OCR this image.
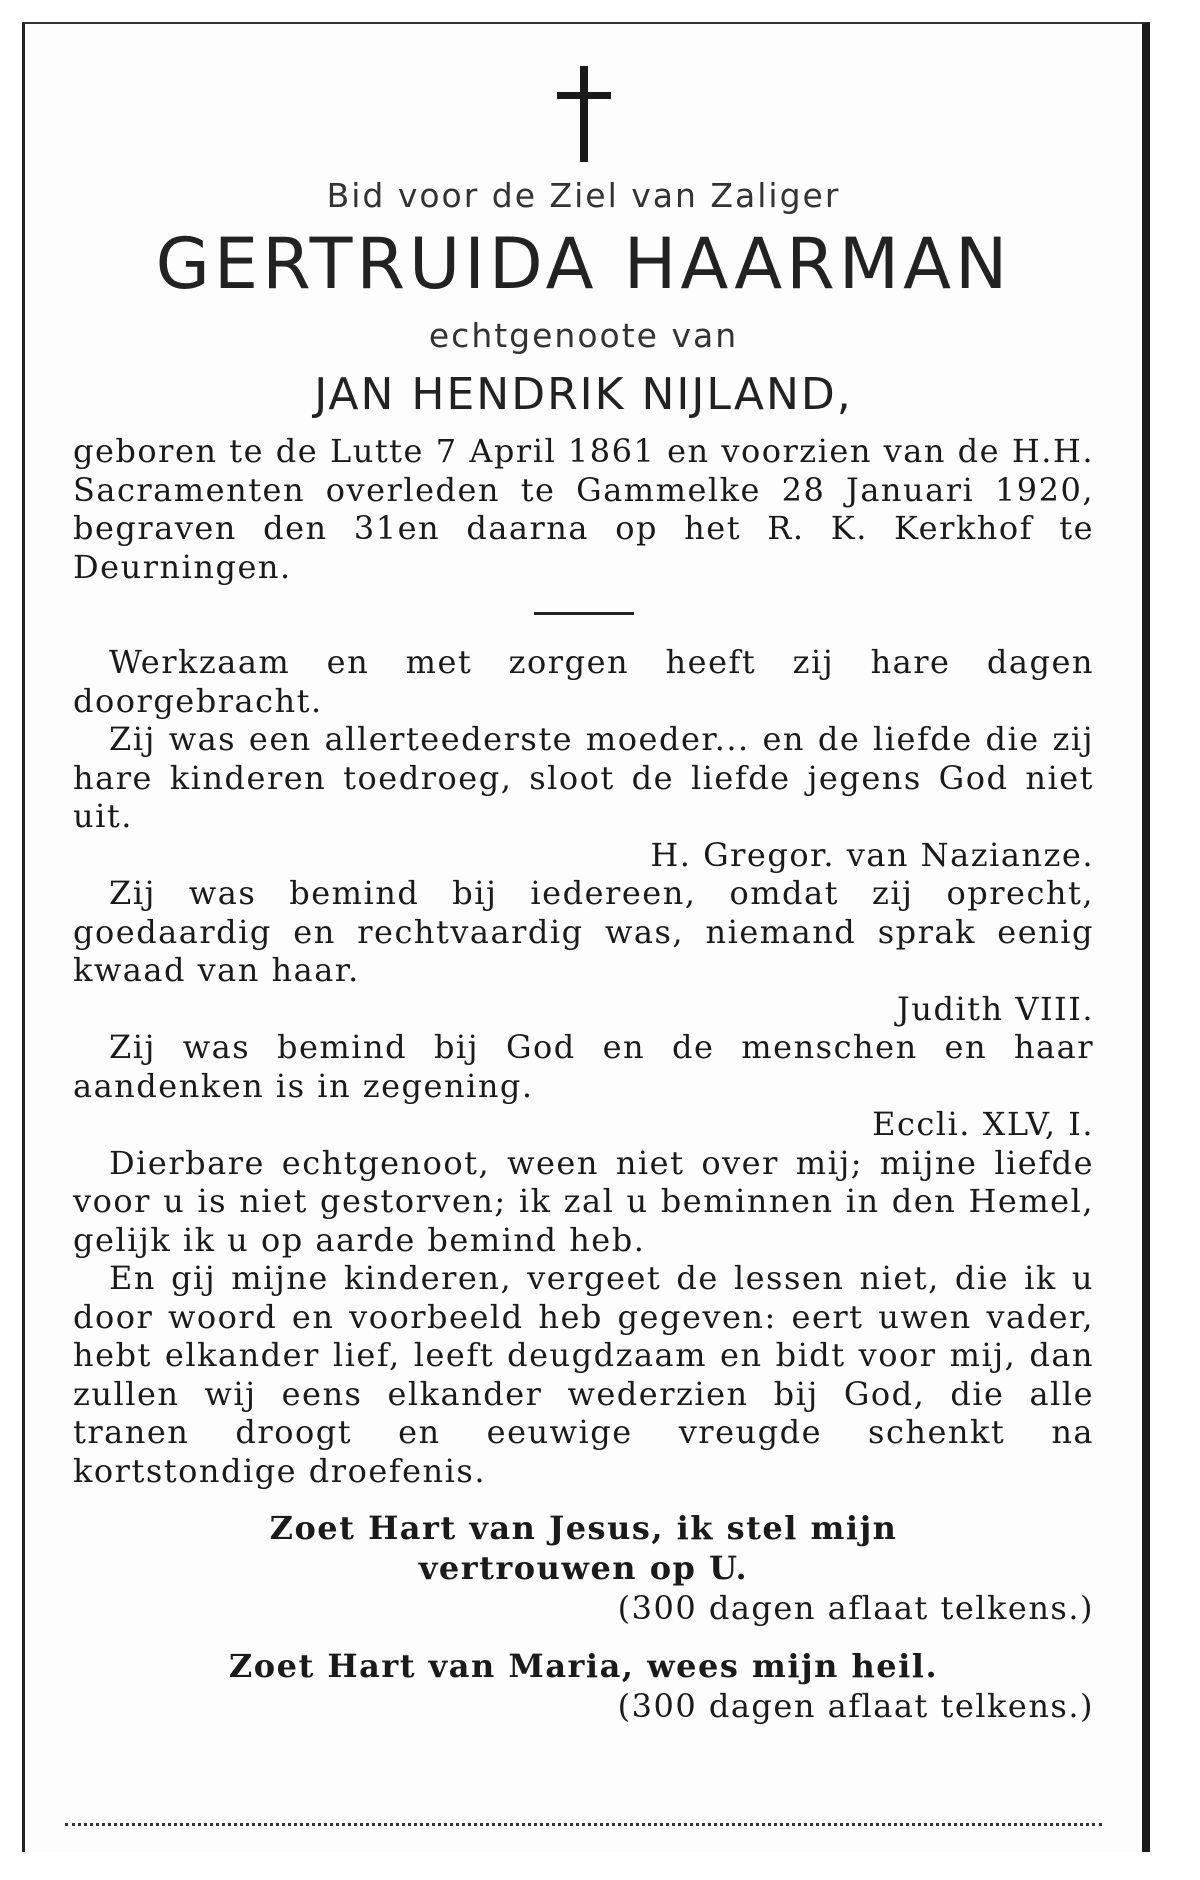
Bid voor de Ziel van Zaliger
GERTRUIDA HAARMAN
echtgenoote van
JAN HENDRIK NIJLAND,

geboren te de Lutte 7 April 1861 en voorzien van de H.H. Sacramenten overleden te Gammelke 28 Januari 1920, begraven den 31en daarna op het R. K. Kerkhof te Deurningen.

Werkzaam en met zorgen heeft zij hare dagen doorgebracht.

Zij was een allerteederste moeder... en de liefde die zij hare kinderen toedroeg, sloot de liefde jegens God niet uit.

H. Gregor. van Nazianze.

Zij was bemind bij iedereen, omdat zij oprecht, goedaardig en rechtvaardig was, niemand sprak eenig kwaad van haar.

Judith VIII.

Zij was bemind bij God en de menschen en haar aandenken is in zegening.

Eccli. XLV, I.

Dierbare echtgenoot, ween niet over mij; mijne liefde voor u is niet gestorven; ik zal u beminnen in den Hemel, gelijk ik u op aarde bemind heb.

En gij mijne kinderen, vergeet de lessen niet, die ik u door woord en voorbeeld heb gegeven: eert uwen vader, hebt elkander lief, leeft deugdzaam en bidt voor mij, dan zullen wij eens elkander wederzien bij God, die alle tranen droogt en eeuwige vreugde schenkt na kortstondige droefenis.

Zoet Hart van Jesus, ik stel mijn
vertrouwen op U.

(300 dagen aflaat telkens.)

Zoet Hart van Maria, wees mijn heil.

(300 dagen aflaat telkens.)
